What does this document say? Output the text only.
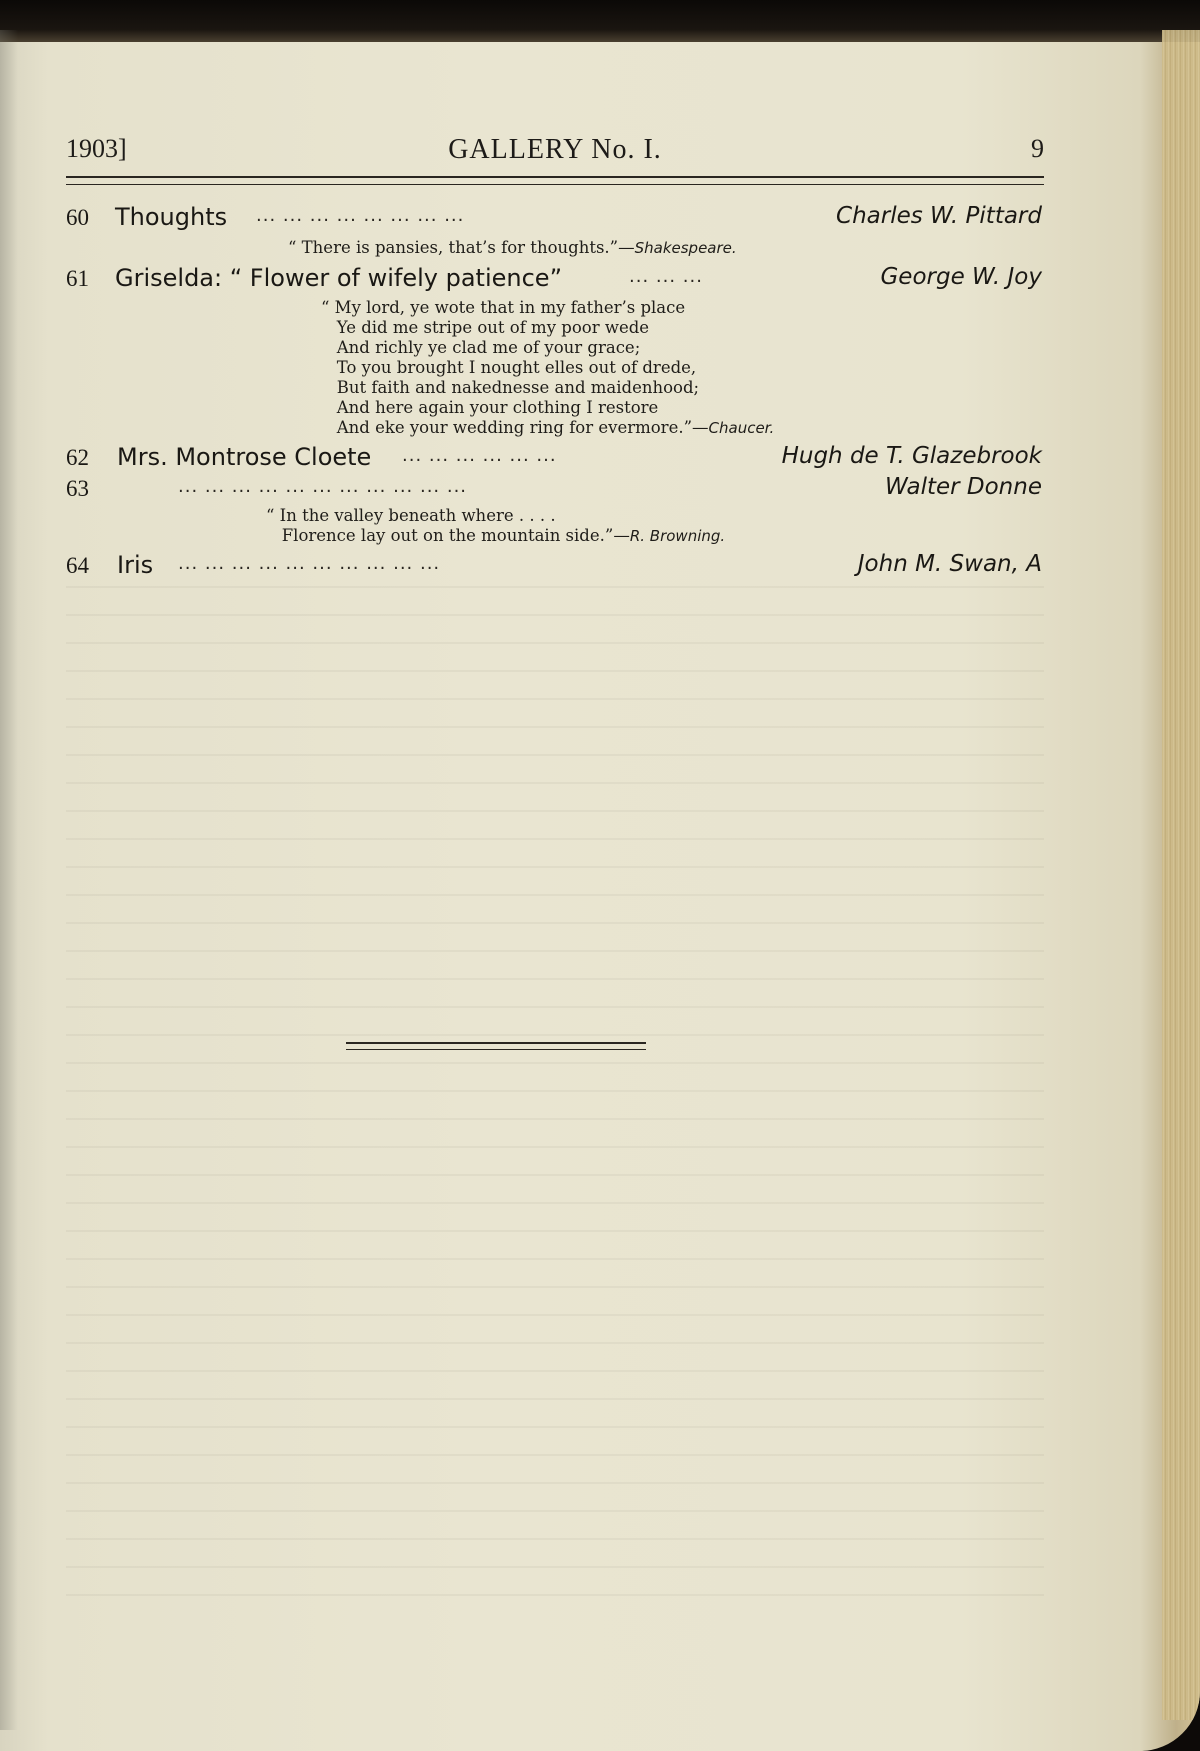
1903]	GALLERY No. I.	9
60 Thoughts ... ... ... ... ... ... ... ...	Charles W. Pittard
“ There is pansies, that’s for thoughts.”—Shakespeare.
61 Griselda: “ Flower of wifely patience”	... ... ...	George W. Joy
“ My lord, ye wote that in my father’s place
Ye did me stripe out of my poor wede
And richly ye clad me of your grace;
To you brought I nought elles out of drede,
But faith and nakednesse and maidenhood;
And here again your clothing I restore
And eke your wedding ring for evermore.”—Chaucer.
62 Mrs. Montrose Cloete ... ... ... ... ... ...	Hugh de T. Glazebrook
63	... ... ... ... ... ... ... ... ... ... ...	Walter Donne
“ In the valley beneath where . . . .
Florence lay out on the mountain side.”—R. Browning.
64 Iris ... ... ... ... ... ... ... ... ... ...	John M. Swan, A
